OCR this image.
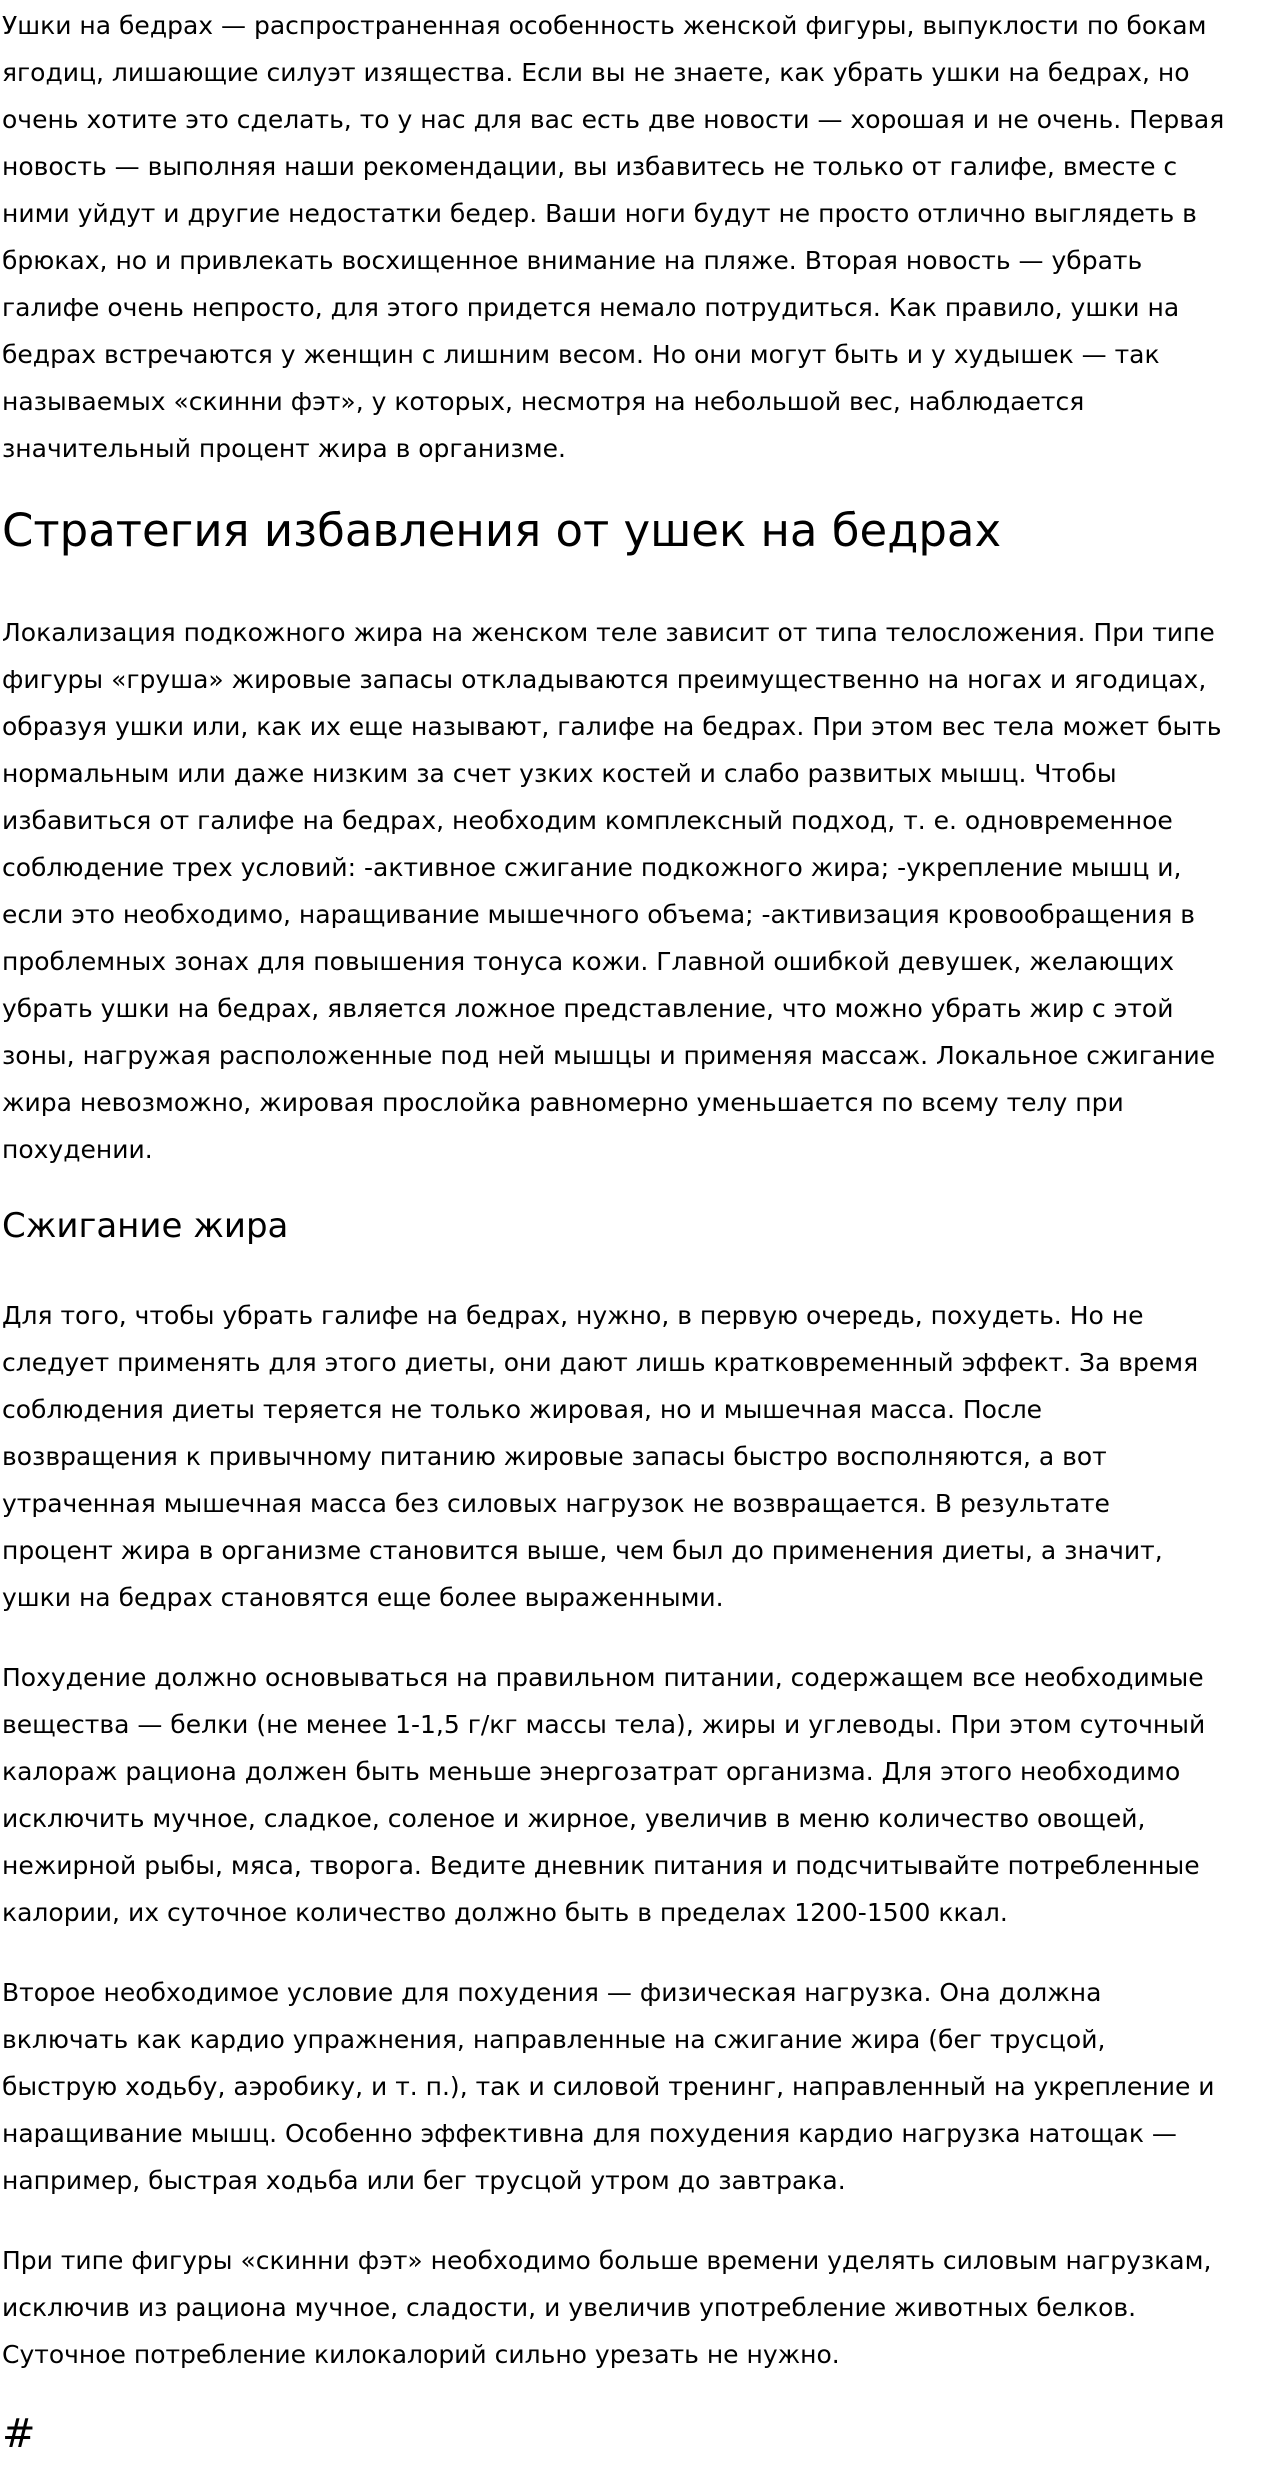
Ушки на бедрах — распространенная особенность женской фигуры, выпуклости по бокам
ягодиц, лишающие силуэт изящества. Если вы не знаете, как убрать ушки на бедрах, но
очень хотите это сделать, то у нас для вас есть две новости — хорошая и не очень. Первая
новость — выполняя наши рекомендации, вы избавитесь не только от галифе, вместе с
ними уйдут и другие недостатки бедер. Ваши ноги будут не просто отлично выглядеть в
брюках, но и привлекать восхищенное внимание на пляже. Вторая новость — убрать
галифе очень непросто, для этого придется немало потрудиться. Как правило, ушки на
бедрах встречаются у женщин с лишним весом. Но они могут быть и у худышек — так
называемых «скинни фэт», у которых, несмотря на небольшой вес, наблюдается
значительный процент жира в организме.

Стратегия избавления от ушек на бедрах

Локализация подкожного жира на женском теле зависит от типа телосложения. При типе
фигуры «груша» жировые запасы откладываются преимущественно на ногах и ягодицах,
образуя ушки или, как их еще называют, галифе на бедрах. При этом вес тела может быть
нормальным или даже низким за счет узких костей и слабо развитых мышц. Чтобы
избавиться от галифе на бедрах, необходим комплексный подход, т. е. одновременное
соблюдение трех условий: -активное сжигание подкожного жира; -укрепление мышц и,
если это необходимо, наращивание мышечного объема; -активизация кровообращения в
проблемных зонах для повышения тонуса кожи. Главной ошибкой девушек, желающих
убрать ушки на бедрах, является ложное представление, что можно убрать жир с этой
зоны, нагружая расположенные под ней мышцы и применяя массаж. Локальное сжигание
жира невозможно, жировая прослойка равномерно уменьшается по всему телу при
похудении.

Сжигание жира

Для того, чтобы убрать галифе на бедрах, нужно, в первую очередь, похудеть. Но не
следует применять для этого диеты, они дают лишь кратковременный эффект. За время
соблюдения диеты теряется не только жировая, но и мышечная масса. После
возвращения к привычному питанию жировые запасы быстро восполняются, а вот
утраченная мышечная масса без силовых нагрузок не возвращается. В результате
процент жира в организме становится выше, чем был до применения диеты, а значит,
ушки на бедрах становятся еще более выраженными.

Похудение должно основываться на правильном питании, содержащем все необходимые
вещества — белки (не менее 1-1,5 г/кг массы тела), жиры и углеводы. При этом суточный
калораж рациона должен быть меньше энергозатрат организма. Для этого необходимо
исключить мучное, сладкое, соленое и жирное, увеличив в меню количество овощей,
нежирной рыбы, мяса, творога. Ведите дневник питания и подсчитывайте потребленные
калории, их суточное количество должно быть в пределах 1200-1500 ккал.

Второе необходимое условие для похудения — физическая нагрузка. Она должна
включать как кардио упражнения, направленные на сжигание жира (бег трусцой,
быструю ходьбу, аэробику, и т. п.), так и силовой тренинг, направленный на укрепление и
наращивание мышц. Особенно эффективна для похудения кардио нагрузка натощак —
например, быстрая ходьба или бег трусцой утром до завтрака.

При типе фигуры «скинни фэт» необходимо больше времени уделять силовым нагрузкам,
исключив из рациона мучное, сладости, и увеличив употребление животных белков.
Суточное потребление килокалорий сильно урезать не нужно.

#
